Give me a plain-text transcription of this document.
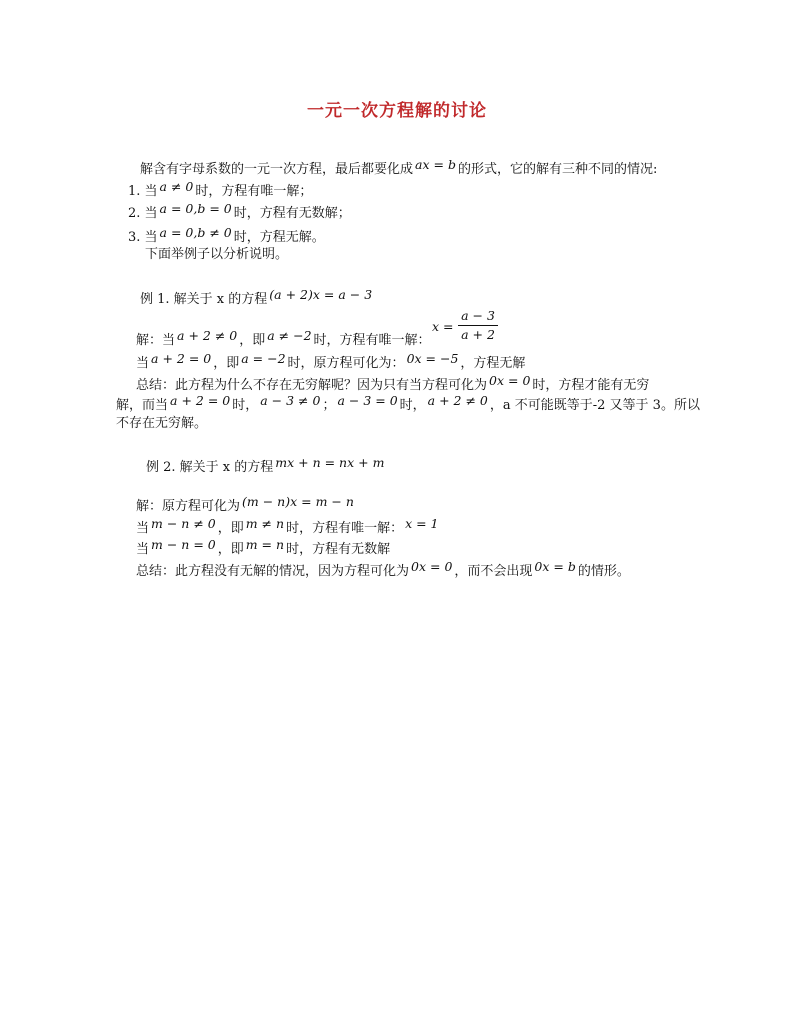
一元一次方程解的讨论
解含有字母系数的一元一次方程，最后都要化成 ax = b 的形式，它的解有三种不同的情况:
1. 当 a ≠ 0 时，方程有唯一解；
2. 当 a = 0,b = 0 时，方程有无数解；
3. 当 a = 0,b ≠ 0 时，方程无解。
下面举例子以分析说明。
例 1. 解关于 x 的方程 (a + 2)x = a − 3
解：当 a + 2 ≠ 0 ，即 a ≠ −2 时，方程有唯一解：
x =
a − 3
a + 2
当 a + 2 = 0 ，即 a = −2 时，原方程可化为： 0x = −5 ，方程无解
总结：此方程为什么不存在无穷解呢？因为只有当方程可化为 0x = 0 时，方程才能有无穷
解，而当 a + 2 = 0 时， a − 3 ≠ 0 ； a − 3 = 0 时， a + 2 ≠ 0 ，a 不可能既等于-2 又等于 3。所以
不存在无穷解。
例 2. 解关于 x 的方程 mx + n = nx + m
解：原方程可化为 (m − n)x = m − n
当 m − n ≠ 0 ，即 m ≠ n 时，方程有唯一解： x = 1
当 m − n = 0 ，即 m = n 时，方程有无数解
总结：此方程没有无解的情况，因为方程可化为 0x = 0 ，而不会出现 0x = b 的情形。
